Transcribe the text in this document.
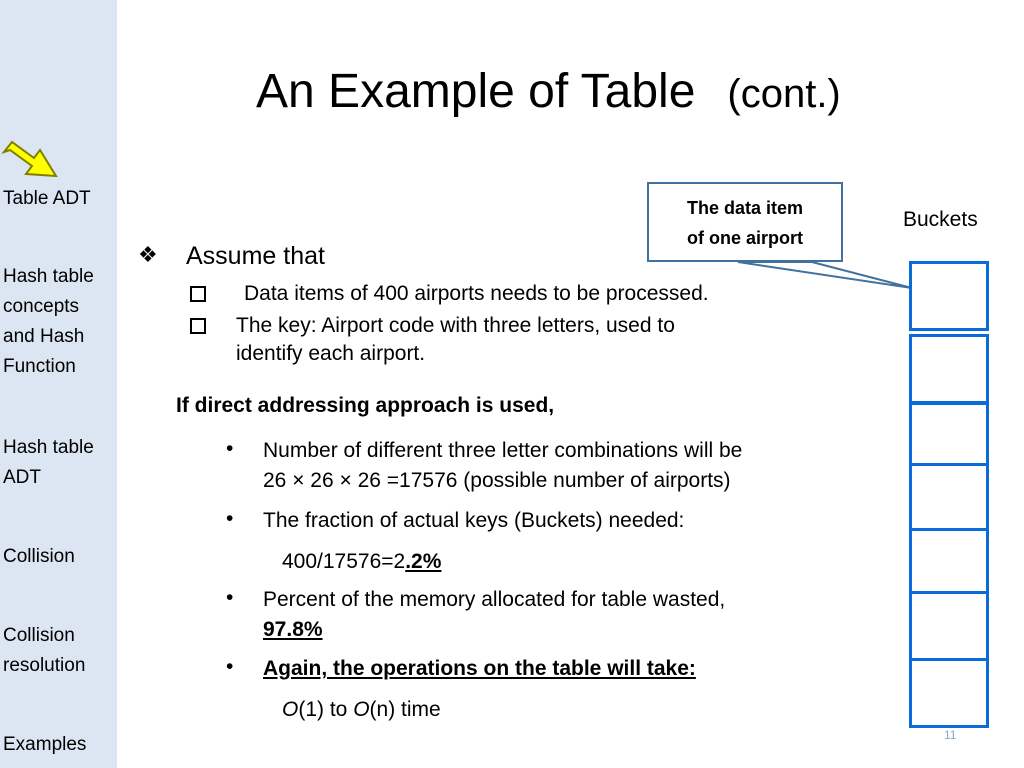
Table ADT
Hash table concepts and Hash Function
Hash table ADT
Collision
Collision resolution
Examples
An Example of Table (cont.)
The data item
of one airport
Buckets
❖ Assume that
Data items of 400 airports needs to be processed.
The key: Airport code with three letters, used to
identify each airport.
If direct addressing approach is used,
• Number of different three letter combinations will be
26 × 26 × 26 =17576 (possible number of airports)
• The fraction of actual keys (Buckets) needed:
400/17576=2.2%
• Percent of the memory allocated for table wasted,
97.8%
• Again, the operations on the table will take:
O(1) to O(n) time
11
